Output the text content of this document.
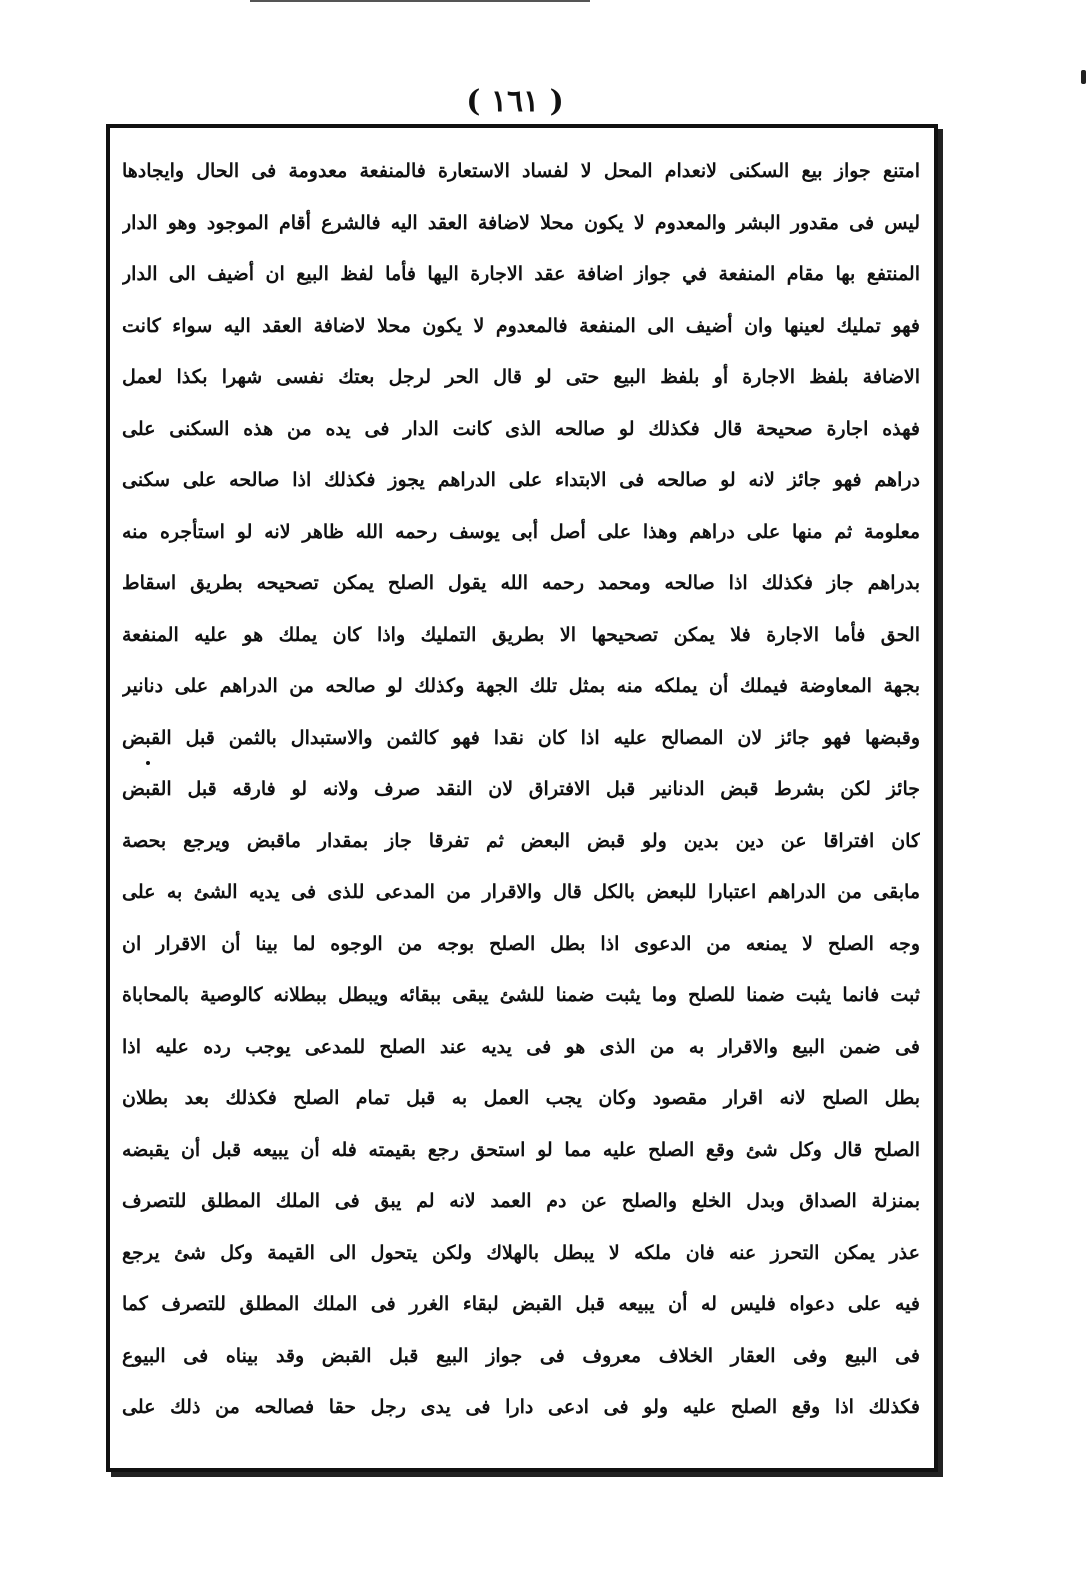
( ١٦١ )
امتنع جواز بيع السكنى لانعدام المحل لا لفساد الاستعارة فالمنفعة معدومة فى الحال وايجادها
ليس فى مقدور البشر والمعدوم لا يكون محلا لاضافة العقد اليه فالشرع أقام الموجود وهو الدار
المنتفع بها مقام المنفعة في جواز اضافة عقد الاجارة اليها فأما لفظ البيع ان أضيف الى الدار
فهو تمليك لعينها وان أضيف الى المنفعة فالمعدوم لا يكون محلا لاضافة العقد اليه سواء كانت
الاضافة بلفظ الاجارة أو بلفظ البيع حتى لو قال الحر لرجل بعتك نفسى شهرا بكذا لعمل
فهذه اجارة صحيحة قال فكذلك لو صالحه الذى كانت الدار فى يده من هذه السكنى على
دراهم فهو جائز لانه لو صالحه فى الابتداء على الدراهم يجوز فكذلك اذا صالحه على سكنى
معلومة ثم منها على دراهم وهذا على أصل أبى يوسف رحمه الله ظاهر لانه لو استأجره منه
بدراهم جاز فكذلك اذا صالحه ومحمد رحمه الله يقول الصلح يمكن تصحيحه بطريق اسقاط
الحق فأما الاجارة فلا يمكن تصحيحها الا بطريق التمليك واذا كان يملك هو عليه المنفعة
بجهة المعاوضة فيملك أن يملكه منه بمثل تلك الجهة وكذلك لو صالحه من الدراهم على دنانير
وقبضها فهو جائز لان المصالح عليه اذا كان نقدا فهو كالثمن والاستبدال بالثمن قبل القبض
جائز لكن بشرط قبض الدنانير قبل الافتراق لان النقد صرف ولانه لو فارقه قبل القبض
كان افتراقا عن دين بدين ولو قبض البعض ثم تفرقا جاز بمقدار ماقبض ويرجع بحصة
مابقى من الدراهم اعتبارا للبعض بالكل قال والاقرار من المدعى للذى فى يديه الشئ به على
وجه الصلح لا يمنعه من الدعوى اذا بطل الصلح بوجه من الوجوه لما بينا أن الاقرار ان
ثبت فانما يثبت ضمنا للصلح وما يثبت ضمنا للشئ يبقى ببقائه ويبطل ببطلانه كالوصية بالمحاباة
فى ضمن البيع والاقرار به من الذى هو فى يديه عند الصلح للمدعى يوجب رده عليه اذا
بطل الصلح لانه اقرار مقصود وكان يجب العمل به قبل تمام الصلح فكذلك بعد بطلان
الصلح قال وكل شئ وقع الصلح عليه مما لو استحق رجع بقيمته فله أن يبيعه قبل أن يقبضه
بمنزلة الصداق وبدل الخلع والصلح عن دم العمد لانه لم يبق فى الملك المطلق للتصرف
عذر يمكن التحرز عنه فان ملكه لا يبطل بالهلاك ولكن يتحول الى القيمة وكل شئ يرجع
فيه على دعواه فليس له أن يبيعه قبل القبض لبقاء الغرر فى الملك المطلق للتصرف كما
فى البيع وفى العقار الخلاف معروف فى جواز البيع قبل القبض وقد بيناه فى البيوع
فكذلك اذا وقع الصلح عليه ولو فى ادعى دارا فى يدى رجل حقا فصالحه من ذلك على
